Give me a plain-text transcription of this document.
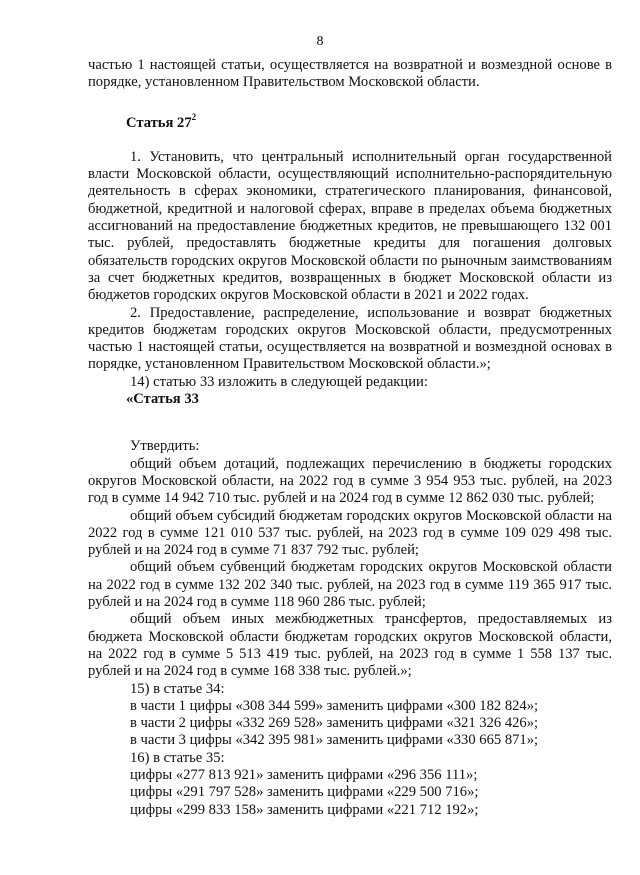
8

частью 1 настоящей статьи, осуществляется на возвратной и возмездной основе в порядке, установленном Правительством Московской области.

Статья $27^2$

1. Установить, что центральный исполнительный орган государственной власти Московской области, осуществляющий исполнительно-распорядительную деятельность в сферах экономики, стратегического планирования, финансовой, бюджетной, кредитной и налоговой сферах, вправе в пределах объема бюджетных ассигнований на предоставление бюджетных кредитов, не превышающего 132 001 тыс. рублей, предоставлять бюджетные кредиты для погашения долговых обязательств городских округов Московской области по рыночным заимствованиям за счет бюджетных кредитов, возвращенных в бюджет Московской области из бюджетов городских округов Московской области в 2021 и 2022 годах.

2. Предоставление, распределение, использование и возврат бюджетных кредитов бюджетам городских округов Московской области, предусмотренных частью 1 настоящей статьи, осуществляется на возвратной и возмездной основах в порядке, установленном Правительством Московской области.»;

14) статью 33 изложить в следующей редакции:

«Статья 33

Утвердить:

общий объем дотаций, подлежащих перечислению в бюджеты городских округов Московской области, на 2022 год в сумме 3 954 953 тыс. рублей, на 2023 год в сумме 14 942 710 тыс. рублей и на 2024 год в сумме 12 862 030 тыс. рублей;

общий объем субсидий бюджетам городских округов Московской области на 2022 год в сумме 121 010 537 тыс. рублей, на 2023 год в сумме 109 029 498 тыс. рублей и на 2024 год в сумме 71 837 792 тыс. рублей;

общий объем субвенций бюджетам городских округов Московской области на 2022 год в сумме 132 202 340 тыс. рублей, на 2023 год в сумме 119 365 917 тыс. рублей и на 2024 год в сумме 118 960 286 тыс. рублей;

общий объем иных межбюджетных трансфертов, предоставляемых из бюджета Московской области бюджетам городских округов Московской области, на 2022 год в сумме 5 513 419 тыс. рублей, на 2023 год в сумме 1 558 137 тыс. рублей и на 2024 год в сумме 168 338 тыс. рублей.»;

15) в статье 34:

в части 1 цифры «308 344 599» заменить цифрами «300 182 824»;

в части 2 цифры «332 269 528» заменить цифрами «321 326 426»;

в части 3 цифры «342 395 981» заменить цифрами «330 665 871»;

16) в статье 35:

цифры «277 813 921» заменить цифрами «296 356 111»;

цифры «291 797 528» заменить цифрами «229 500 716»;

цифры «299 833 158» заменить цифрами «221 712 192»;
